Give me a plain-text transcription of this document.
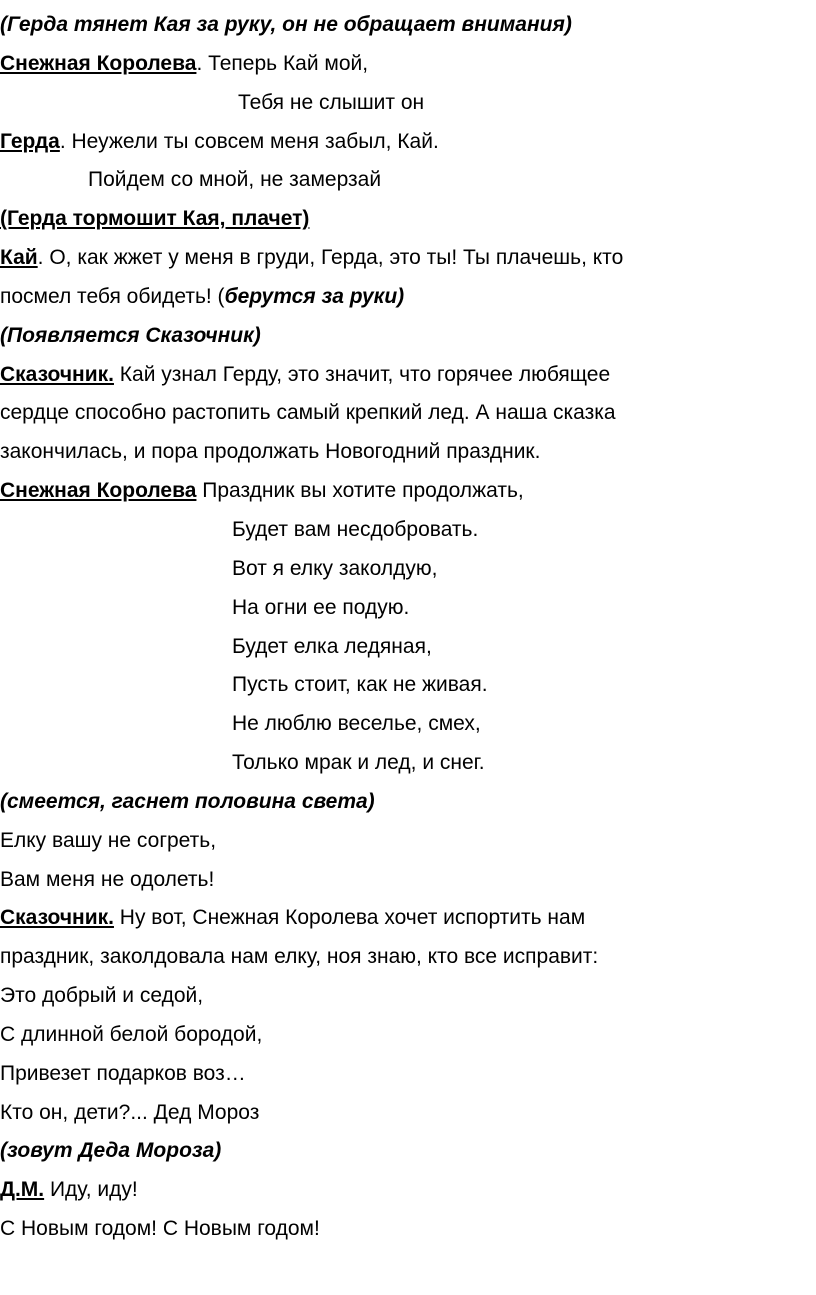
(Герда тянет Кая за руку, он не обращает внимания)
Снежная Королева. Теперь Кай мой,
Тебя не слышит он
Герда. Неужели ты совсем меня забыл, Кай.
Пойдем со мной, не замерзай
(Герда тормошит Кая, плачет)
Кай. О, как жжет у меня в груди, Герда, это ты! Ты плачешь, кто
посмел тебя обидеть! (берутся за руки)
(Появляется Сказочник)
Сказочник. Кай узнал Герду, это значит, что горячее любящее
сердце способно растопить самый крепкий лед. А наша сказка
закончилась, и пора продолжать Новогодний праздник.
Снежная Королева Праздник вы хотите продолжать,
Будет вам несдобровать.
Вот я елку заколдую,
На огни ее подую.
Будет елка ледяная,
Пусть стоит, как не живая.
Не люблю веселье, смех,
Только мрак и лед, и снег.
(смеется, гаснет половина света)
Елку вашу не согреть,
Вам меня не одолеть!
Сказочник. Ну вот, Снежная Королева хочет испортить нам
праздник, заколдовала нам елку, ноя знаю, кто все исправит:
Это добрый и седой,
С длинной белой бородой,
Привезет подарков воз…
Кто он, дети?... Дед Мороз
(зовут Деда Мороза)
Д.М. Иду, иду!
С Новым годом! С Новым годом!
